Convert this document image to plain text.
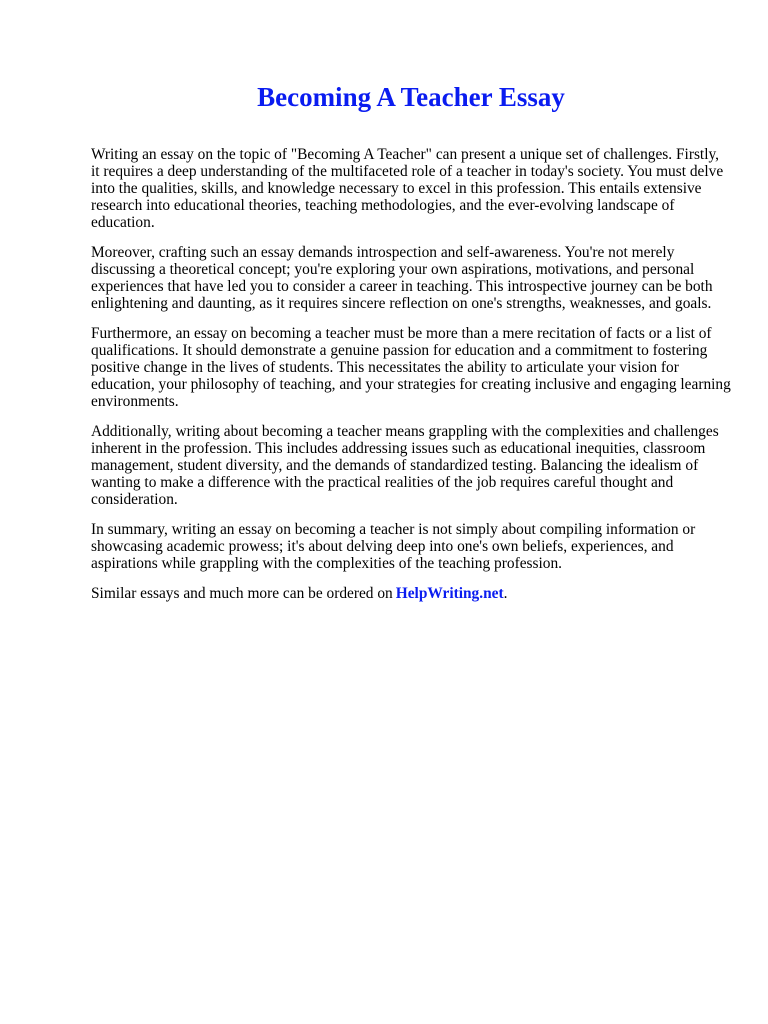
Becoming A Teacher Essay

Writing an essay on the topic of "Becoming A Teacher" can present a unique set of challenges. Firstly, it requires a deep understanding of the multifaceted role of a teacher in today's society. You must delve into the qualities, skills, and knowledge necessary to excel in this profession. This entails extensive research into educational theories, teaching methodologies, and the ever-evolving landscape of education.

Moreover, crafting such an essay demands introspection and self-awareness. You're not merely discussing a theoretical concept; you're exploring your own aspirations, motivations, and personal experiences that have led you to consider a career in teaching. This introspective journey can be both enlightening and daunting, as it requires sincere reflection on one's strengths, weaknesses, and goals.

Furthermore, an essay on becoming a teacher must be more than a mere recitation of facts or a list of qualifications. It should demonstrate a genuine passion for education and a commitment to fostering positive change in the lives of students. This necessitates the ability to articulate your vision for education, your philosophy of teaching, and your strategies for creating inclusive and engaging learning environments.

Additionally, writing about becoming a teacher means grappling with the complexities and challenges inherent in the profession. This includes addressing issues such as educational inequities, classroom management, student diversity, and the demands of standardized testing. Balancing the idealism of wanting to make a difference with the practical realities of the job requires careful thought and consideration.

In summary, writing an essay on becoming a teacher is not simply about compiling information or showcasing academic prowess; it's about delving deep into one's own beliefs, experiences, and aspirations while grappling with the complexities of the teaching profession.

Similar essays and much more can be ordered on HelpWriting.net.
